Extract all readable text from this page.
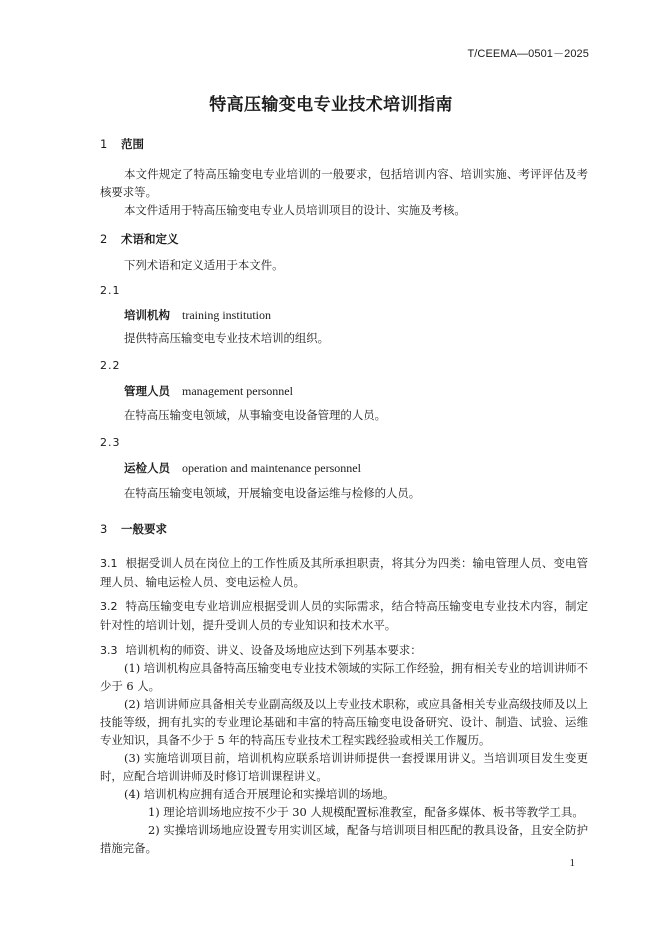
T/CEEMA—0501－2025
特高压输变电专业技术培训指南
1 范围
本文件规定了特高压输变电专业培训的一般要求，包括培训内容、培训实施、考评评估及考核要求等。
本文件适用于特高压输变电专业人员培训项目的设计、实施及考核。
2 术语和定义
下列术语和定义适用于本文件。
2.1
培训机构 training institution
提供特高压输变电专业技术培训的组织。
2.2
管理人员 management personnel
在特高压输变电领域，从事输变电设备管理的人员。
2.3
运检人员 operation and maintenance personnel
在特高压输变电领域，开展输变电设备运维与检修的人员。
3 一般要求
3.1 根据受训人员在岗位上的工作性质及其所承担职责，将其分为四类：输电管理人员、变电管理人员、输电运检人员、变电运检人员。
3.2 特高压输变电专业培训应根据受训人员的实际需求，结合特高压输变电专业技术内容，制定针对性的培训计划，提升受训人员的专业知识和技术水平。
3.3 培训机构的师资、讲义、设备及场地应达到下列基本要求：
(1) 培训机构应具备特高压输变电专业技术领域的实际工作经验，拥有相关专业的培训讲师不少于 6 人。
(2) 培训讲师应具备相关专业副高级及以上专业技术职称，或应具备相关专业高级技师及以上技能等级，拥有扎实的专业理论基础和丰富的特高压输变电设备研究、设计、制造、试验、运维专业知识，具备不少于 5 年的特高压专业技术工程实践经验或相关工作履历。
(3) 实施培训项目前，培训机构应联系培训讲师提供一套授课用讲义。当培训项目发生变更时，应配合培训讲师及时修订培训课程讲义。
(4) 培训机构应拥有适合开展理论和实操培训的场地。
1) 理论培训场地应按不少于 30 人规模配置标准教室，配备多媒体、板书等教学工具。
2) 实操培训场地应设置专用实训区域，配备与培训项目相匹配的教具设备，且安全防护措施完备。
1
